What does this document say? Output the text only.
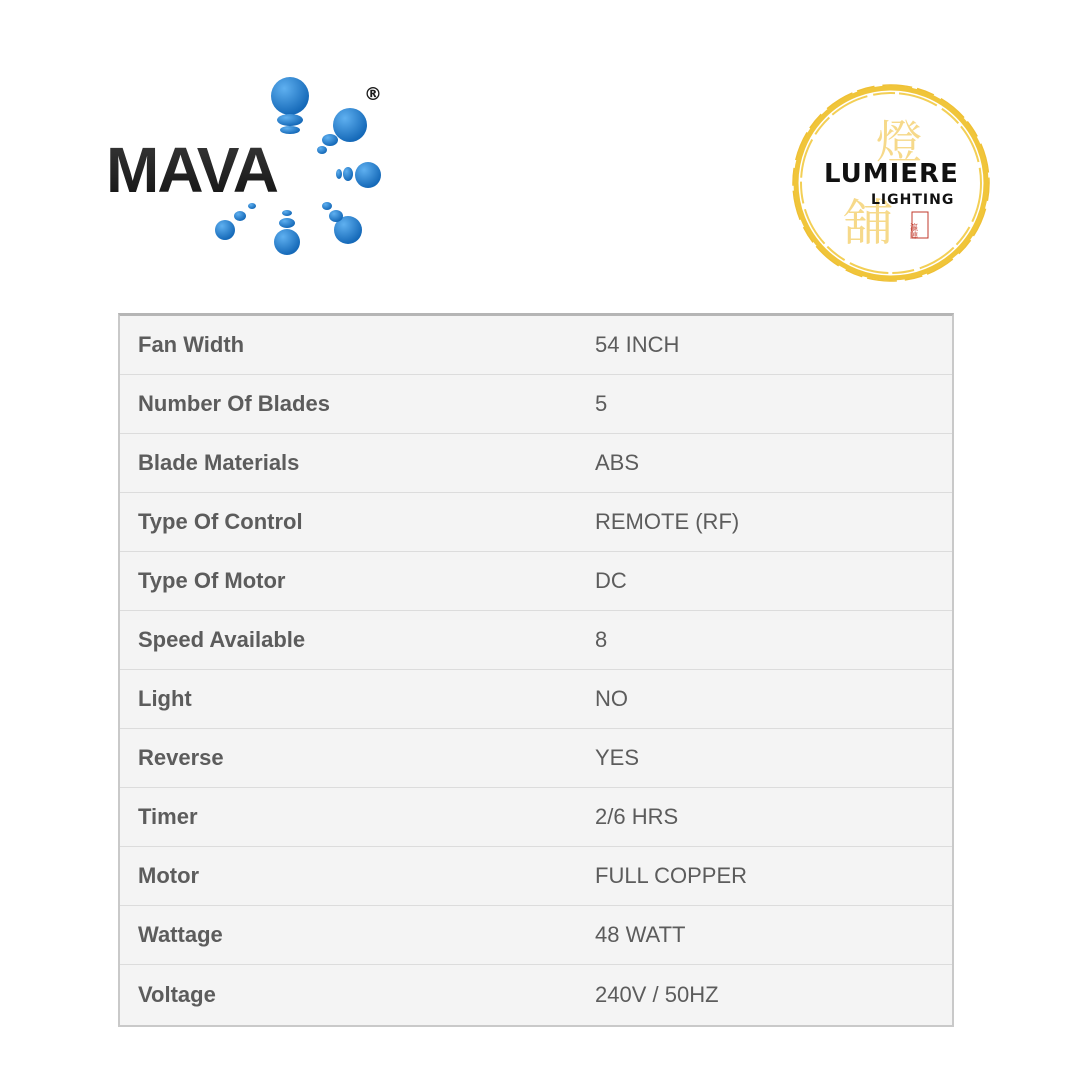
MAVA
®
燈
舖
LUMIERE
LIGHTING
瀛陣
Fan Width	54 INCH
Number Of Blades	5
Blade Materials	ABS
Type Of Control	REMOTE (RF)
Type Of Motor	DC
Speed Available	8
Light	NO
Reverse	YES
Timer	2/6 HRS
Motor	FULL COPPER
Wattage	48 WATT
Voltage	240V / 50HZ
